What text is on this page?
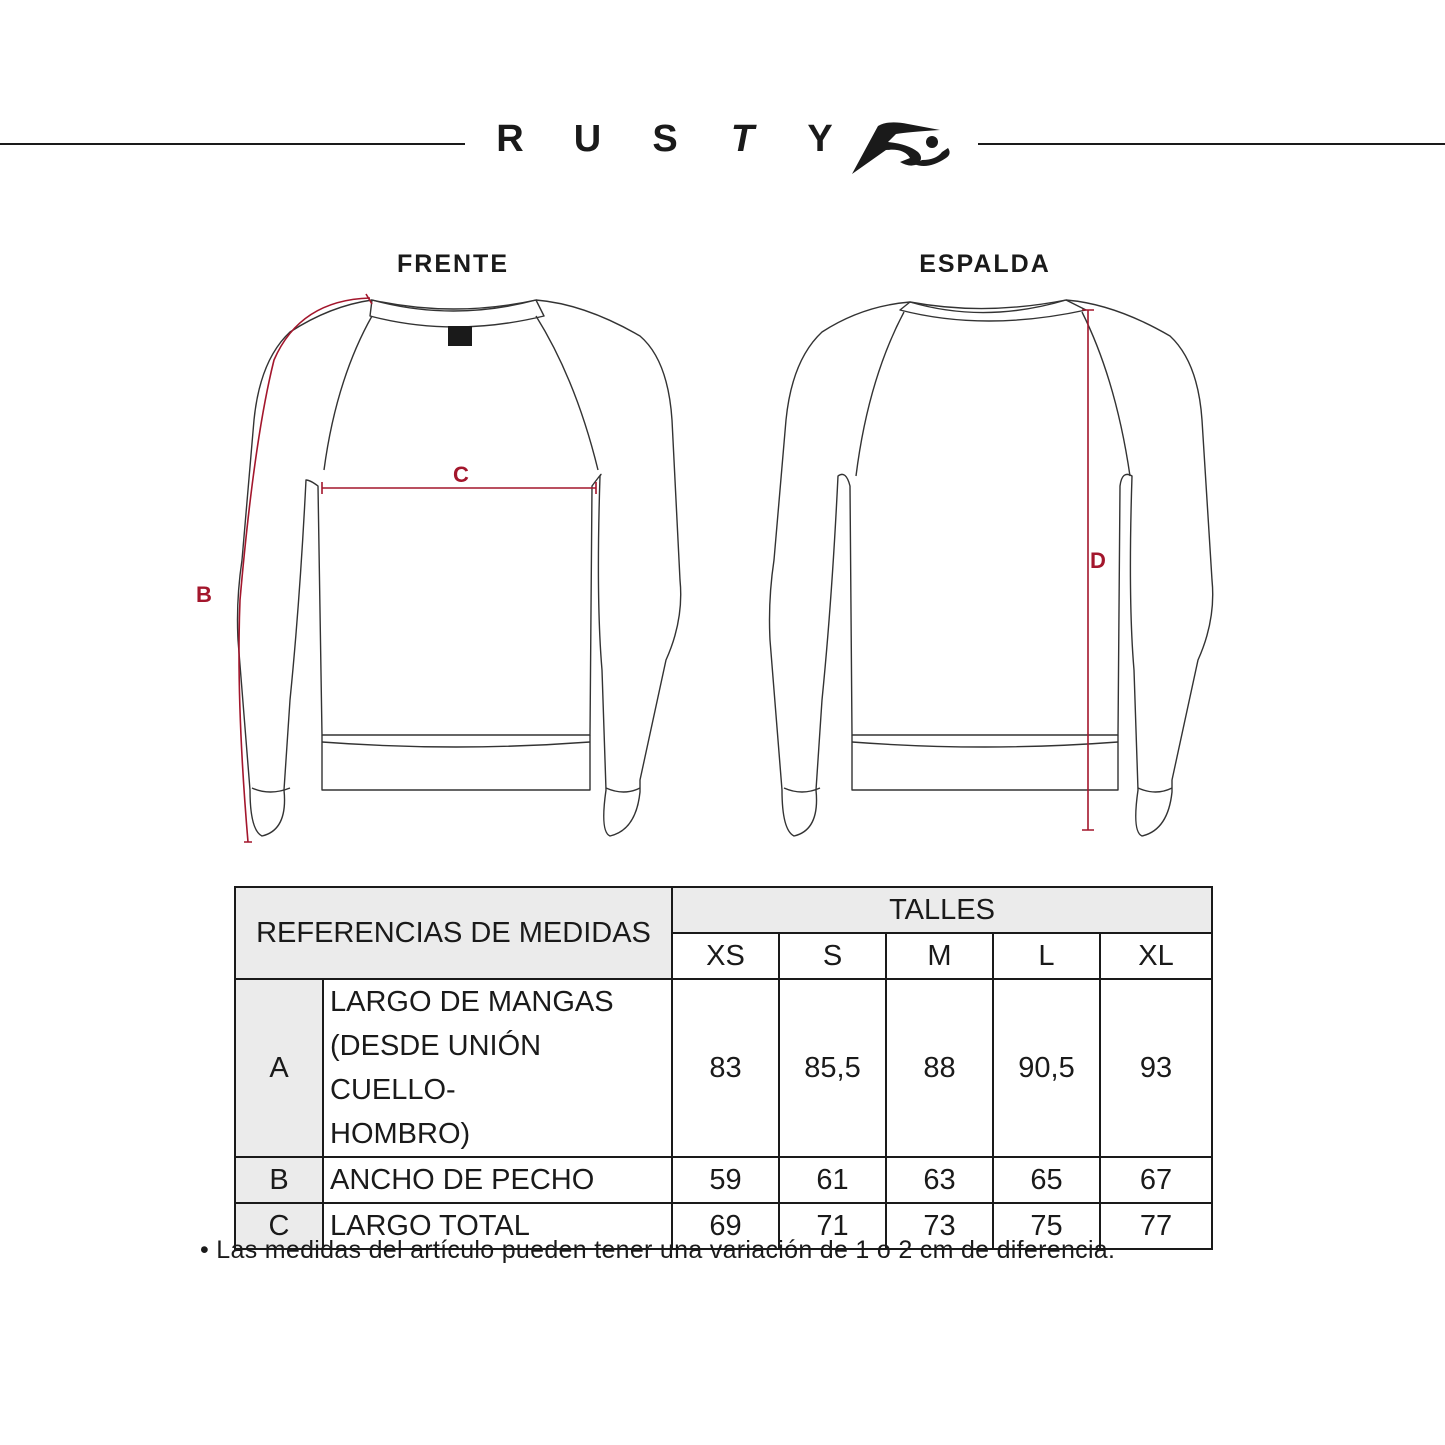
R U S T Y
FRENTE	ESPALDA
B
C
D
REFERENCIAS DE MEDIDAS		TALLES				
		XS	S	M	L	XL
A	LARGO DE MANGAS
(DESDE UNIÓN CUELLO-
HOMBRO)	83	85,5	88	90,5	93
B	ANCHO DE PECHO	59	61	63	65	67
C	LARGO TOTAL	69	71	73	75	77
• Las medidas del artículo pueden tener una variación de 1 o 2 cm de diferencia.
